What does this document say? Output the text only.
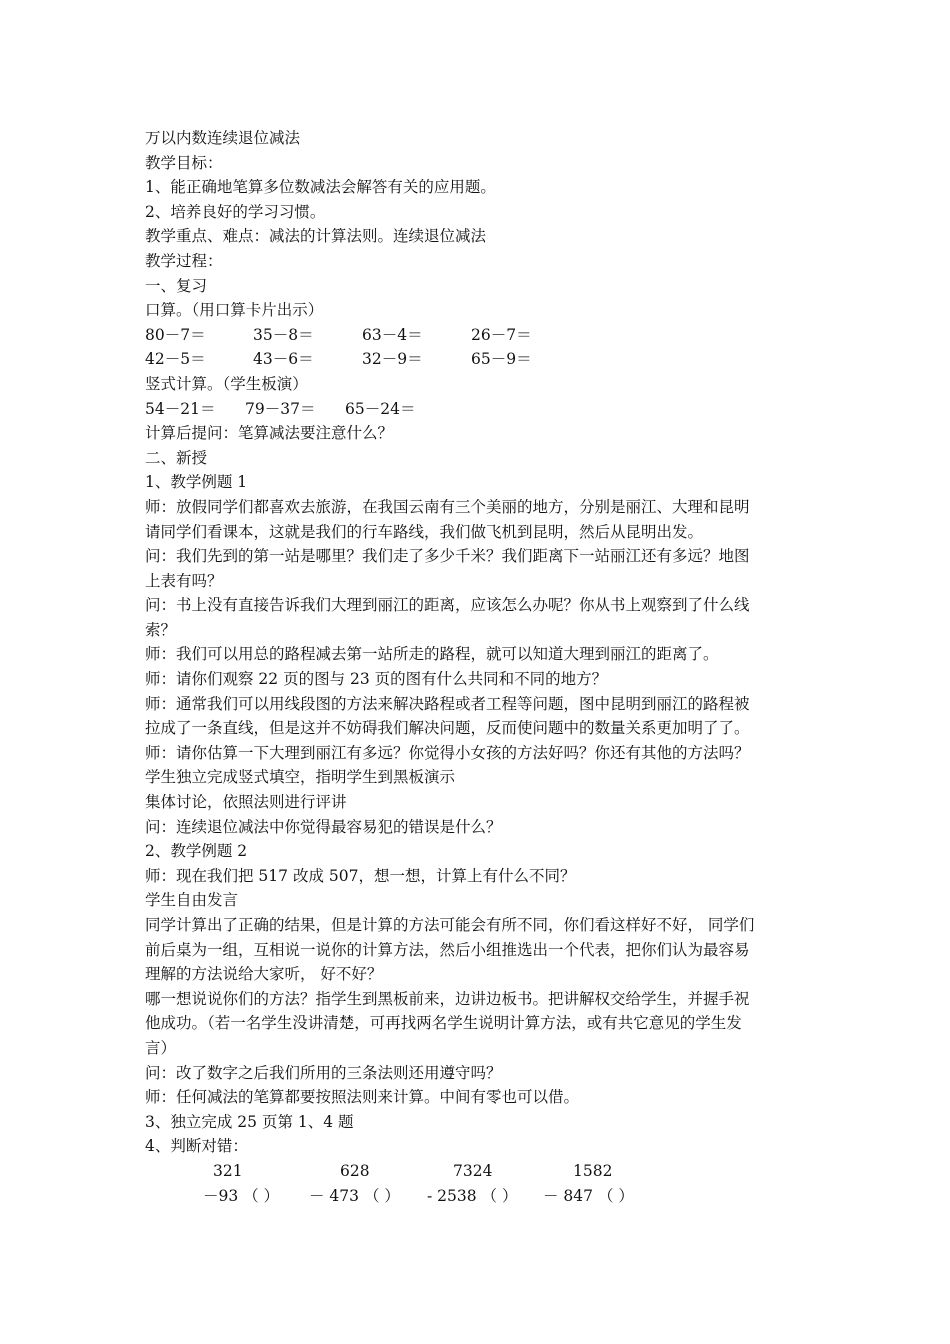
万以内数连续退位减法
教学目标：
1、能正确地笔算多位数减法会解答有关的应用题。
2、培养良好的学习习惯。
教学重点、难点：减法的计算法则。连续退位减法
教学过程：
一、复习
口算。（用口算卡片出示）
80－7＝	35－8＝	63－4＝	26－7＝
42－5＝	43－6＝	32－9＝	65－9＝
竖式计算。（学生板演）
54－21＝ 79－37＝ 65－24＝
计算后提问：笔算减法要注意什么？
二、新授
1、教学例题 1
师：放假同学们都喜欢去旅游，在我国云南有三个美丽的地方，分别是丽江、大理和昆明
请同学们看课本，这就是我们的行车路线，我们做飞机到昆明，然后从昆明出发。
问：我们先到的第一站是哪里？我们走了多少千米？我们距离下一站丽江还有多远？地图
上表有吗？
问：书上没有直接告诉我们大理到丽江的距离，应该怎么办呢？你从书上观察到了什么线
索？
师：我们可以用总的路程减去第一站所走的路程，就可以知道大理到丽江的距离了。
师：请你们观察 22 页的图与 23 页的图有什么共同和不同的地方？
师：通常我们可以用线段图的方法来解决路程或者工程等问题，图中昆明到丽江的路程被
拉成了一条直线，但是这并不妨碍我们解决问题，反而使问题中的数量关系更加明了了。
师：请你估算一下大理到丽江有多远？你觉得小女孩的方法好吗？你还有其他的方法吗？
学生独立完成竖式填空，指明学生到黑板演示
集体讨论，依照法则进行评讲
问：连续退位减法中你觉得最容易犯的错误是什么？
2、教学例题 2
师：现在我们把 517 改成 507，想一想，计算上有什么不同？
学生自由发言
同学计算出了正确的结果，但是计算的方法可能会有所不同，你们看这样好不好， 同学们
前后桌为一组，互相说一说你的计算方法，然后小组推选出一个代表，把你们认为最容易
理解的方法说给大家听， 好不好？
哪一想说说你们的方法？指学生到黑板前来，边讲边板书。把讲解权交给学生，并握手祝
他成功。（若一名学生没讲清楚，可再找两名学生说明计算方法，或有共它意见的学生发
言）
问：改了数字之后我们所用的三条法则还用遵守吗？
师：任何减法的笔算都要按照法则来计算。中间有零也可以借。
3、独立完成 25 页第 1、4 题
4、判断对错：
321	628	7324	1582
－93 （ ） － 473 （ ） - 2538 （ ） － 847 （ ）
